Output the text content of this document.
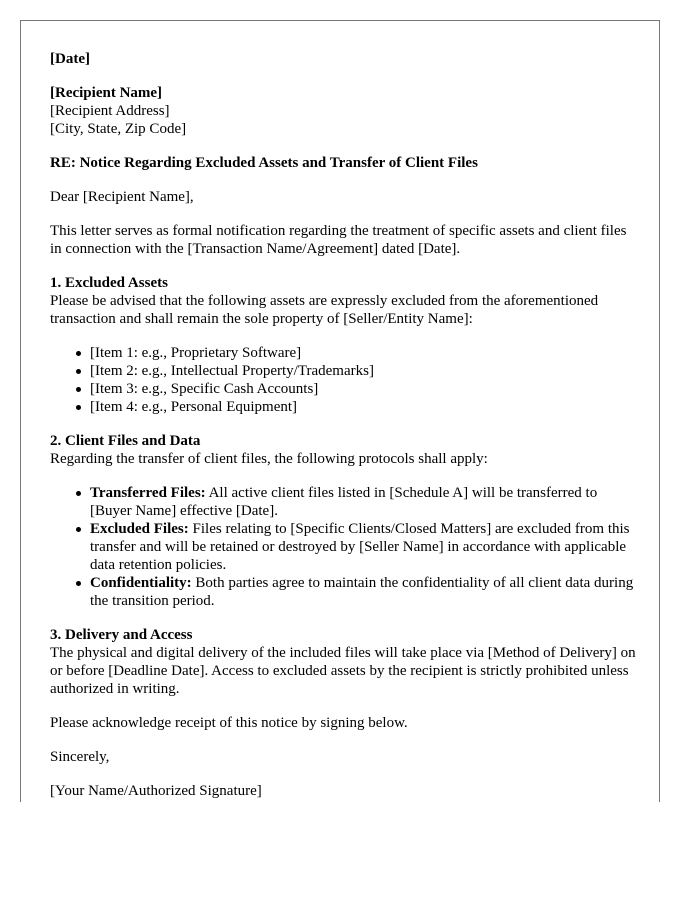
[Date]

[Recipient Name]
[Recipient Address]
[City, State, Zip Code]

RE: Notice Regarding Excluded Assets and Transfer of Client Files

Dear [Recipient Name],

This letter serves as formal notification regarding the treatment of specific assets and client files in connection with the [Transaction Name/Agreement] dated [Date].

1. Excluded Assets
Please be advised that the following assets are expressly excluded from the aforementioned transaction and shall remain the sole property of [Seller/Entity Name]:
[Item 1: e.g., Proprietary Software]
[Item 2: e.g., Intellectual Property/Trademarks]
[Item 3: e.g., Specific Cash Accounts]
[Item 4: e.g., Personal Equipment]
2. Client Files and Data
Regarding the transfer of client files, the following protocols shall apply:
Transferred Files: All active client files listed in [Schedule A] will be transferred to [Buyer Name] effective [Date].
Excluded Files: Files relating to [Specific Clients/Closed Matters] are excluded from this transfer and will be retained or destroyed by [Seller Name] in accordance with applicable data retention policies.
Confidentiality: Both parties agree to maintain the confidentiality of all client data during the transition period.
3. Delivery and Access
The physical and digital delivery of the included files will take place via [Method of Delivery] on or before [Deadline Date]. Access to excluded assets by the recipient is strictly prohibited unless authorized in writing.

Please acknowledge receipt of this notice by signing below.

Sincerely,

[Your Name/Authorized Signature]
